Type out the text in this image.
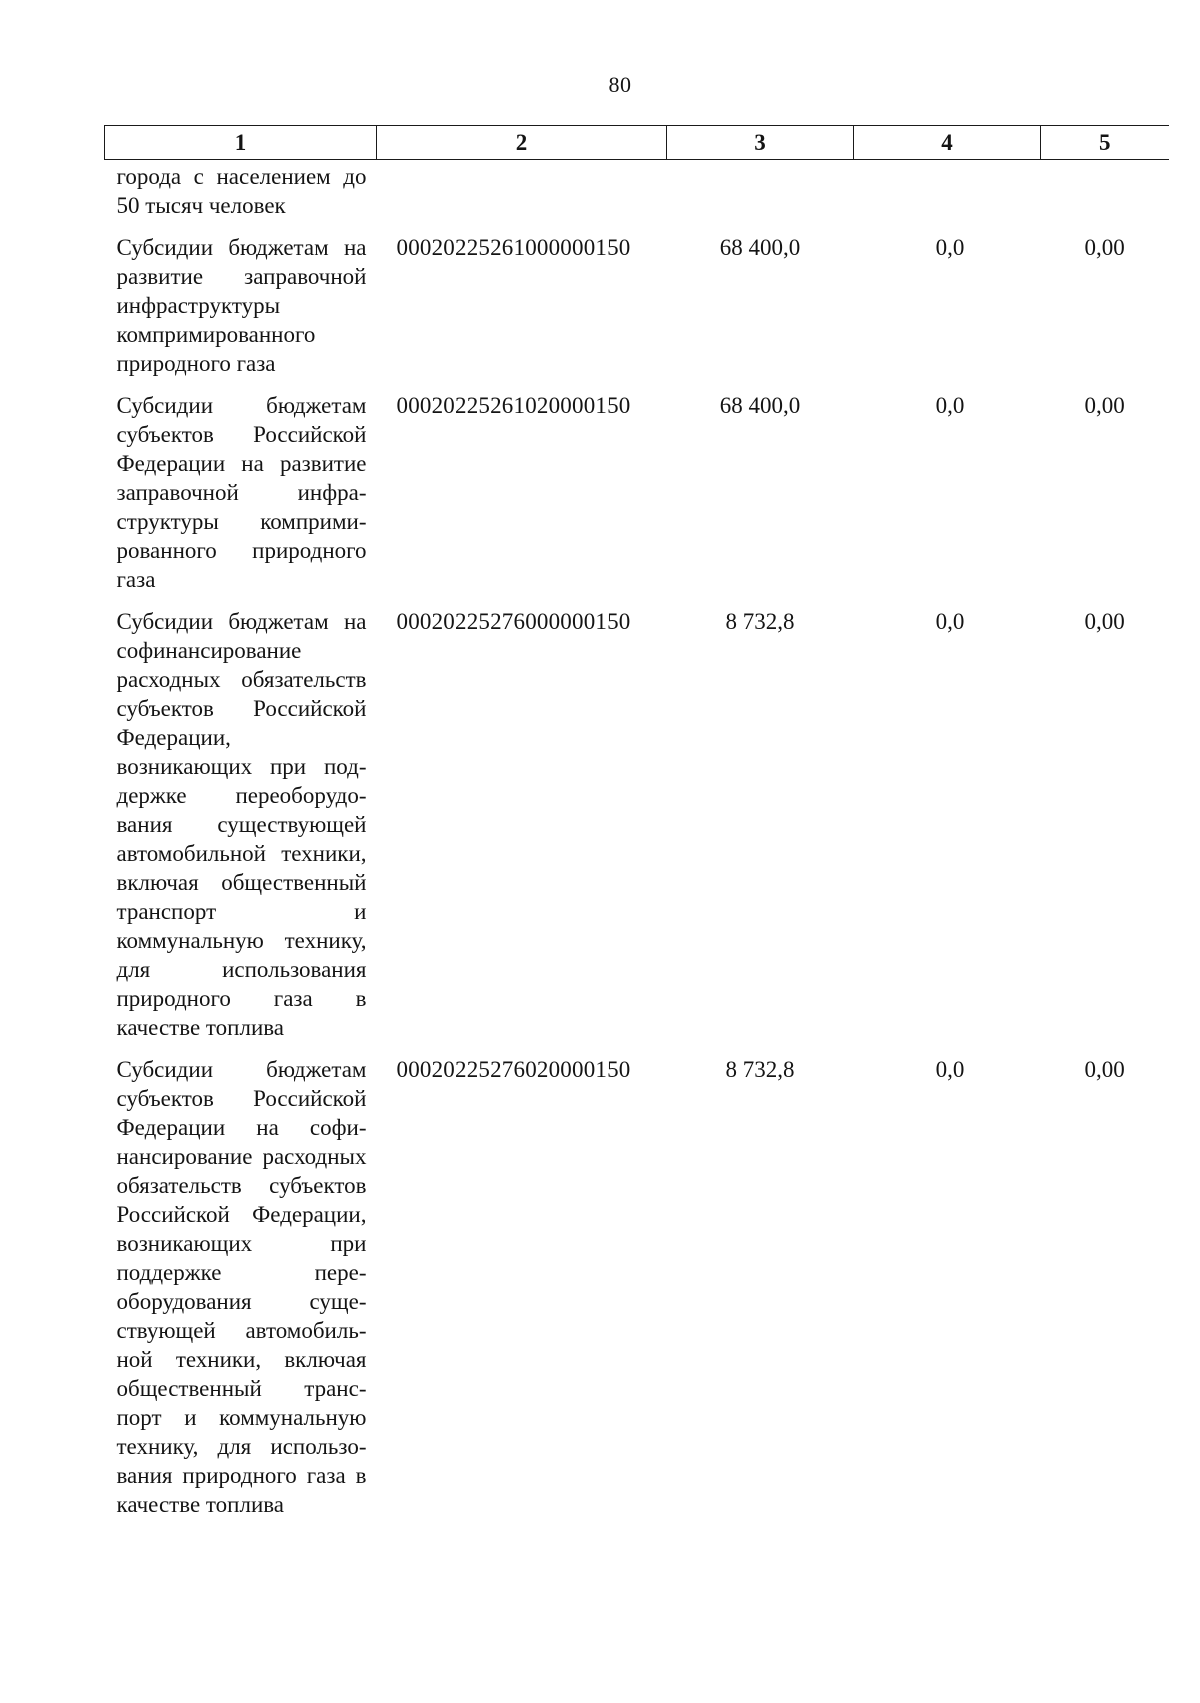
80
1	2	3	4	5
города с населением до 50 тысяч человек				
Субсидии бюджетам на развитие заправочной инфраструктуры компримированного природного газа	00020225261000000150	68 400,0	0,0	0,00
Субсидии бюджетам субъектов Российской Федерации на развитие заправочной инфраструктуры компримированного природного газа	00020225261020000150	68 400,0	0,0	0,00
Субсидии бюджетам на софинансирование расходных обязательств субъектов Российской Федерации, возникающих при поддержке переоборудования существующей автомобильной техники, включая общественный транспорт и коммунальную технику, для использования природного газа в качестве топлива	00020225276000000150	8 732,8	0,0	0,00
Субсидии бюджетам субъектов Российской Федерации на софинансирование расходных обязательств субъектов Российской Федерации, возникающих при поддержке переоборудования существующей автомобильной техники, включая общественный транспорт и коммунальную технику, для использования природного газа в качестве топлива	00020225276020000150	8 732,8	0,0	0,00
